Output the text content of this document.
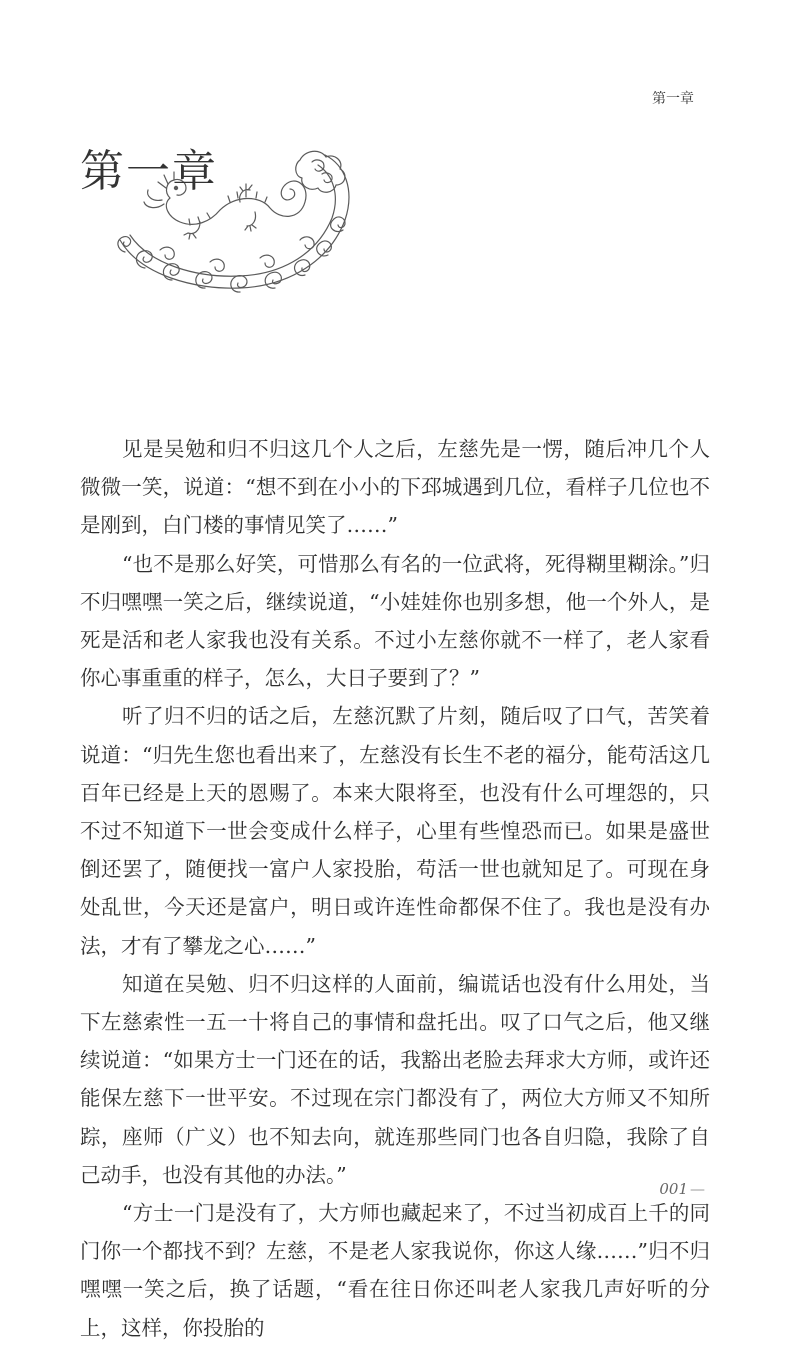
第一章
第一章

见是吴勉和归不归这几个人之后，左慈先是一愣，随后冲几个人微微一笑，说道：“想不到在小小的下邳城遇到几位，看样子几位也不是刚到，白门楼的事情见笑了……”

“也不是那么好笑，可惜那么有名的一位武将，死得糊里糊涂。”归不归嘿嘿一笑之后，继续说道，“小娃娃你也别多想，他一个外人，是死是活和老人家我也没有关系。不过小左慈你就不一样了，老人家看你心事重重的样子，怎么，大日子要到了？”

听了归不归的话之后，左慈沉默了片刻，随后叹了口气，苦笑着说道：“归先生您也看出来了，左慈没有长生不老的福分，能苟活这几百年已经是上天的恩赐了。本来大限将至，也没有什么可埋怨的，只不过不知道下一世会变成什么样子，心里有些惶恐而已。如果是盛世倒还罢了，随便找一富户人家投胎，苟活一世也就知足了。可现在身处乱世，今天还是富户，明日或许连性命都保不住了。我也是没有办法，才有了攀龙之心……”

知道在吴勉、归不归这样的人面前，编谎话也没有什么用处，当下左慈索性一五一十将自己的事情和盘托出。叹了口气之后，他又继续说道：“如果方士一门还在的话，我豁出老脸去拜求大方师，或许还能保左慈下一世平安。不过现在宗门都没有了，两位大方师又不知所踪，座师（广义）也不知去向，就连那些同门也各自归隐，我除了自己动手，也没有其他的办法。”

“方士一门是没有了，大方师也藏起来了，不过当初成百上千的同门你一个都找不到？左慈，不是老人家我说你，你这人缘……”归不归嘿嘿一笑之后，换了话题，“看在往日你还叫老人家我几声好听的分上，这样，你投胎的

001 —
